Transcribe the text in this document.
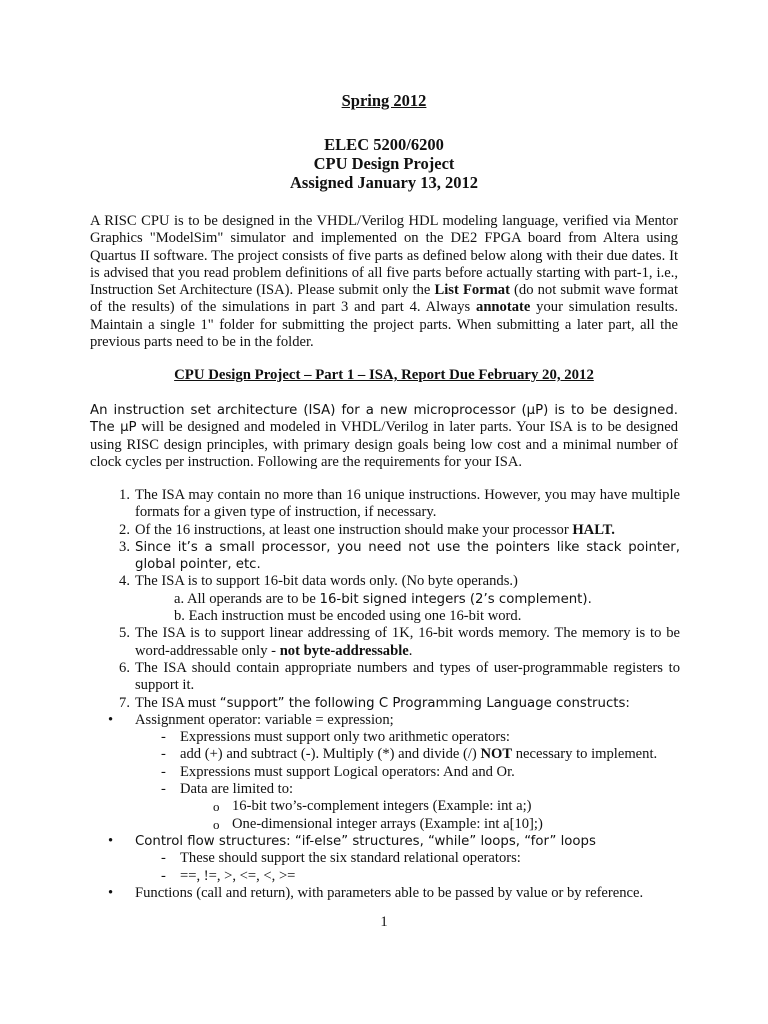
Spring 2012
ELEC 5200/6200
CPU Design Project
Assigned January 13, 2012

A RISC CPU is to be designed in the VHDL/Verilog HDL modeling language, verified via Mentor Graphics "ModelSim" simulator and implemented on the DE2 FPGA board from Altera using Quartus II software. The project consists of five parts as defined below along with their due dates. It is advised that you read problem definitions of all five parts before actually starting with part-1, i.e., Instruction Set Architecture (ISA). Please submit only the List Format (do not submit wave format of the results) of the simulations in part 3 and part 4. Always annotate your simulation results. Maintain a single 1" folder for submitting the project parts. When submitting a later part, all the previous parts need to be in the folder.

CPU Design Project – Part 1 – ISA, Report Due February 20, 2012

An instruction set architecture (ISA) for a new microprocessor (μP) is to be designed. The μP will be designed and modeled in VHDL/Verilog in later parts. Your ISA is to be designed using RISC design principles, with primary design goals being low cost and a minimal number of clock cycles per instruction. Following are the requirements for your ISA.

1. The ISA may contain no more than 16 unique instructions. However, you may have multiple formats for a given type of instruction, if necessary.
2. Of the 16 instructions, at least one instruction should make your processor HALT.
3. Since it’s a small processor, you need not use the pointers like stack pointer, global pointer, etc.
4. The ISA is to support 16-bit data words only. (No byte operands.)
a. All operands are to be 16-bit signed integers (2’s complement).
b. Each instruction must be encoded using one 16-bit word.
5. The ISA is to support linear addressing of 1K, 16-bit words memory. The memory is to be word-addressable only - not byte-addressable.
6. The ISA should contain appropriate numbers and types of user-programmable registers to support it.
7. The ISA must “support” the following C Programming Language constructs:
• Assignment operator: variable = expression;
- Expressions must support only two arithmetic operators:
- add (+) and subtract (-). Multiply (*) and divide (/) NOT necessary to implement.
- Expressions must support Logical operators: And and Or.
- Data are limited to:
o 16-bit two’s-complement integers (Example: int a;)
o One-dimensional integer arrays (Example: int a[10];)
• Control flow structures: “if-else” structures, “while” loops, “for” loops
- These should support the six standard relational operators:
- ==, !=, >, <=, <, >=
• Functions (call and return), with parameters able to be passed by value or by reference.
1
